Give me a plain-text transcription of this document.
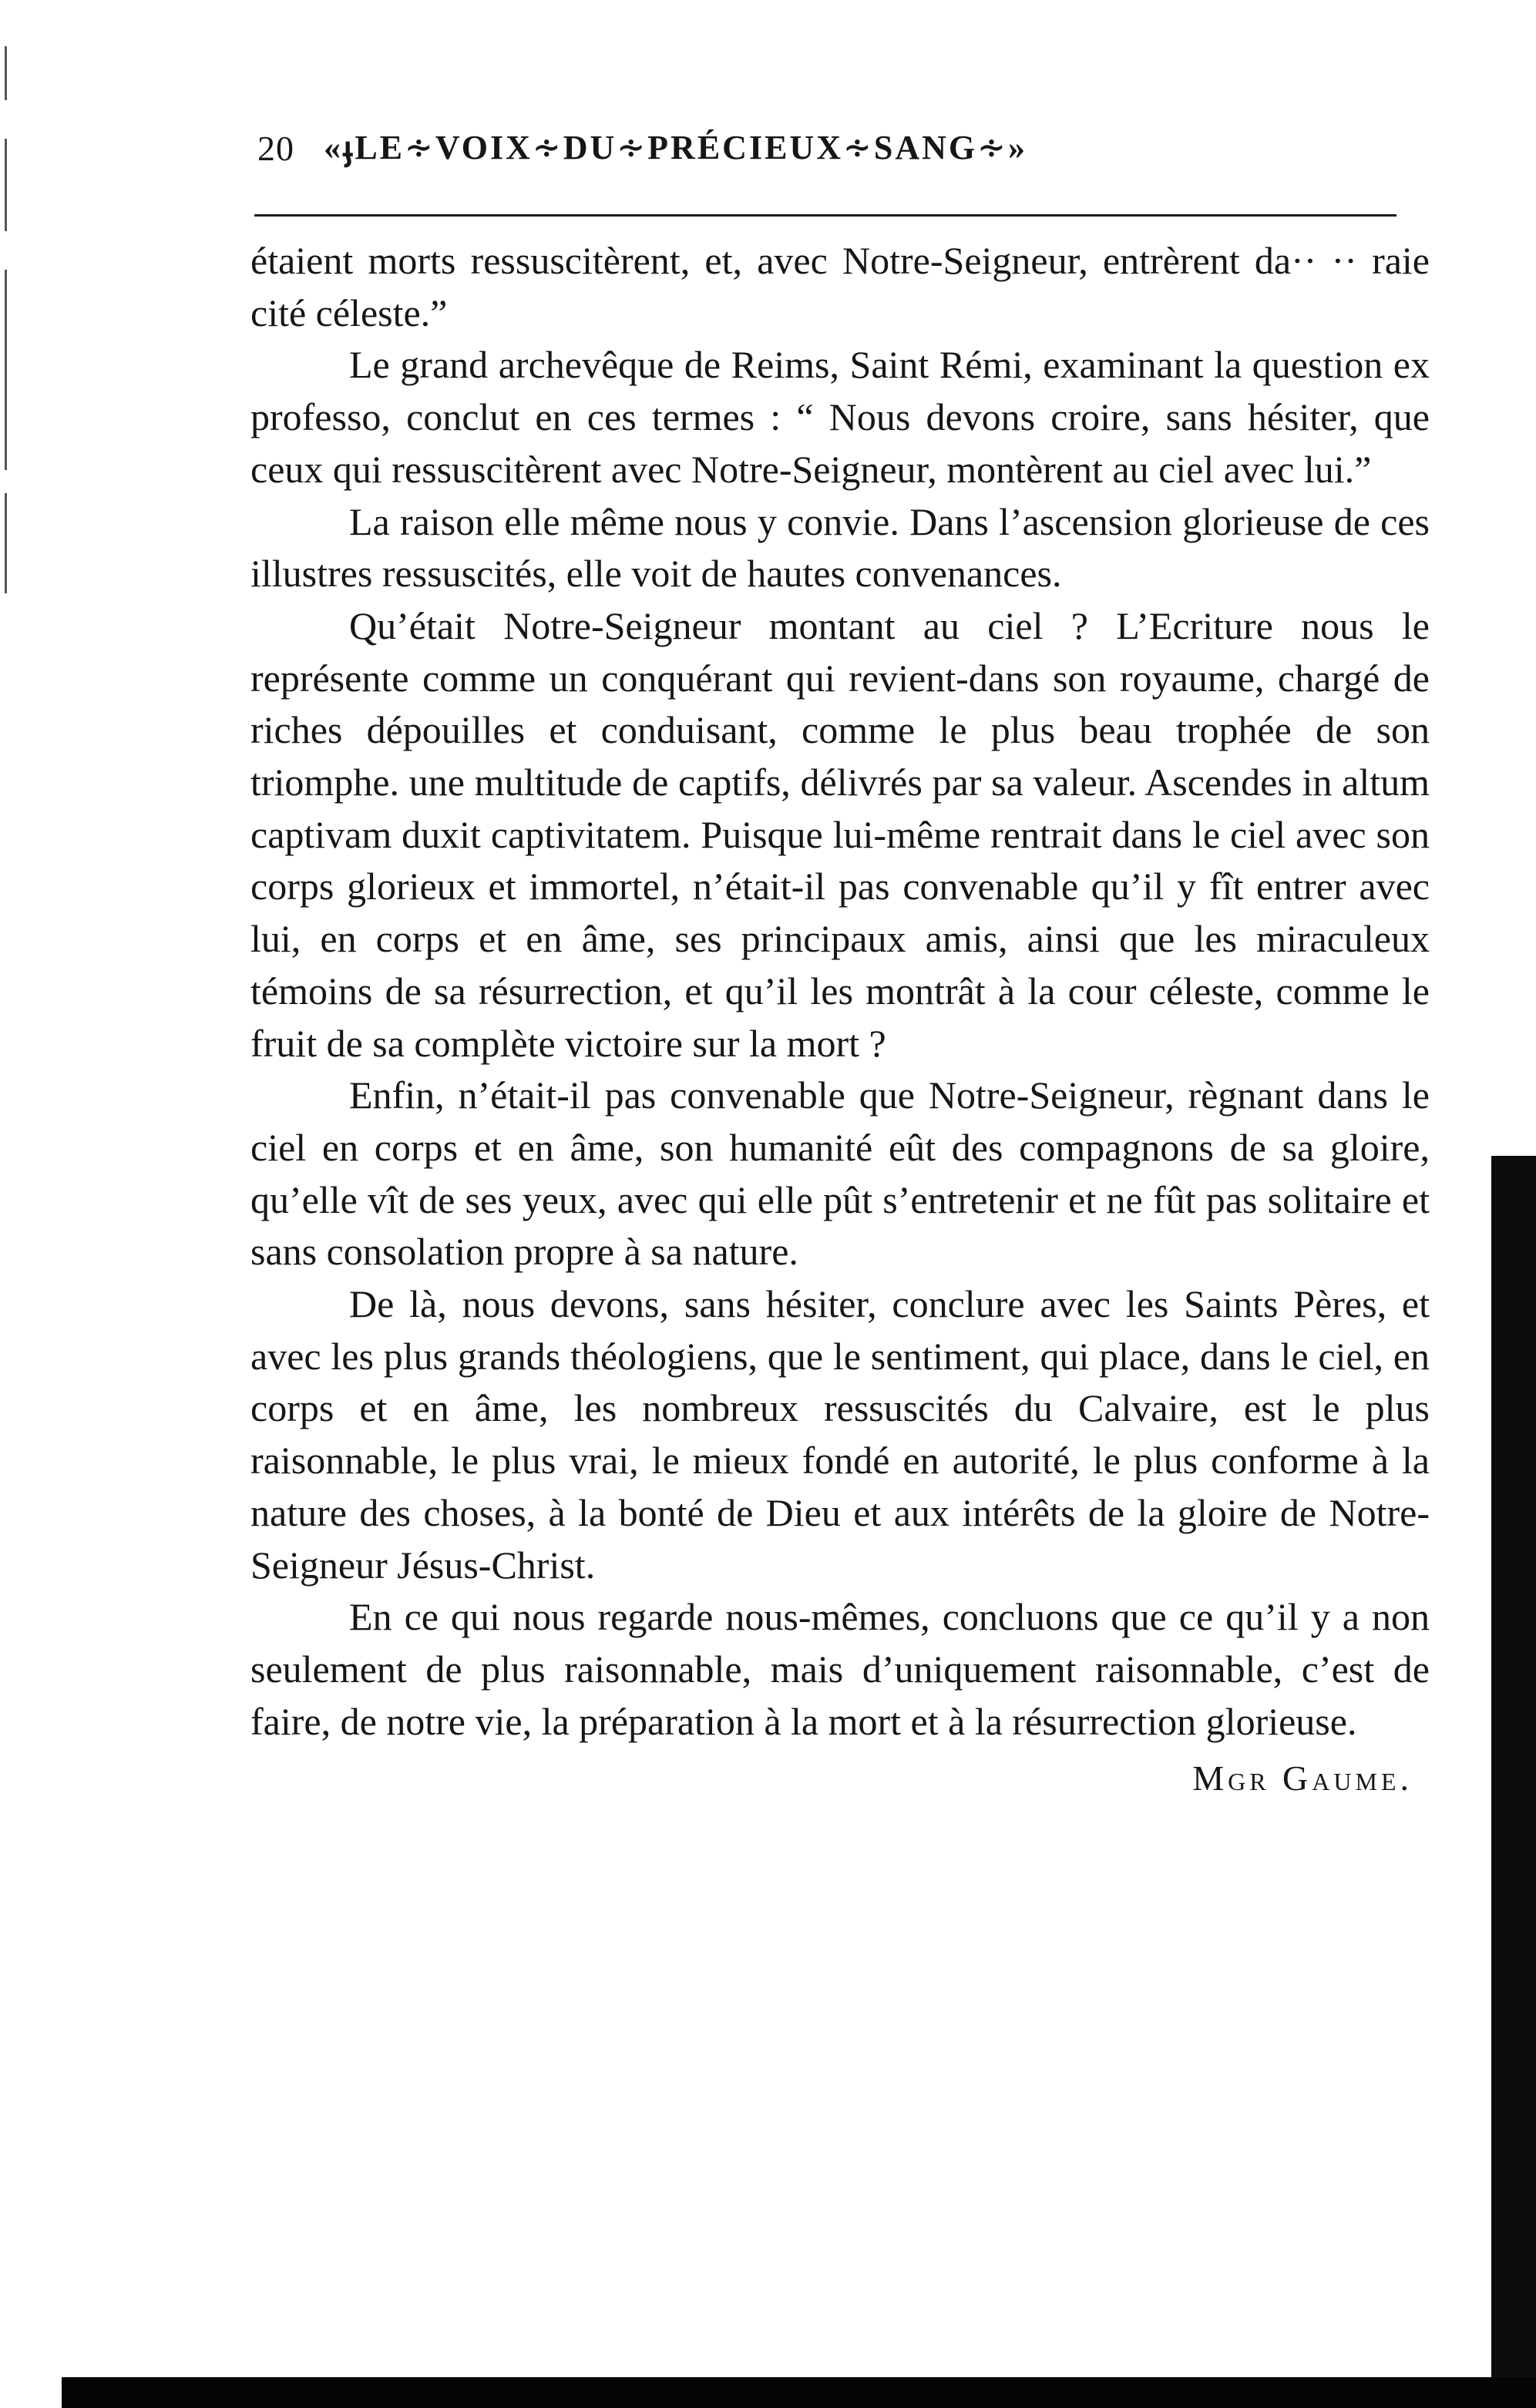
20 «ֈLE∻VOIX∻DU∻PRÉCIEUX∻SANG∻»

étaient morts ressuscitèrent, et, avec Notre-Seigneur, entrèrent da·· ·· raie cité céleste.”

Le grand archevêque de Reims, Saint Rémi, examinant la question ex professo, conclut en ces termes : “ Nous devons croire, sans hésiter, que ceux qui ressuscitèrent avec Notre-Seigneur, montèrent au ciel avec lui.”

La raison elle même nous y convie. Dans l’ascension glorieuse de ces illustres ressuscités, elle voit de hautes convenances.

Qu’était Notre-Seigneur montant au ciel ? L’Ecriture nous le représente comme un conquérant qui revient-dans son royaume, chargé de riches dépouilles et conduisant, comme le plus beau trophée de son triomphe. une multitude de captifs, délivrés par sa valeur. Ascendes in altum captivam duxit captivitatem. Puisque lui-même rentrait dans le ciel avec son corps glorieux et immortel, n’était-il pas convenable qu’il y fît entrer avec lui, en corps et en âme, ses principaux amis, ainsi que les miraculeux témoins de sa résurrection, et qu’il les montrât à la cour céleste, comme le fruit de sa complète victoire sur la mort ?

Enfin, n’était-il pas convenable que Notre-Seigneur, règnant dans le ciel en corps et en âme, son humanité eût des compagnons de sa gloire, qu’elle vît de ses yeux, avec qui elle pût s’entretenir et ne fût pas solitaire et sans consolation propre à sa nature.

De là, nous devons, sans hésiter, conclure avec les Saints Pères, et avec les plus grands théologiens, que le sentiment, qui place, dans le ciel, en corps et en âme, les nombreux ressuscités du Calvaire, est le plus raisonnable, le plus vrai, le mieux fondé en autorité, le plus conforme à la nature des choses, à la bonté de Dieu et aux intérêts de la gloire de Notre-Seigneur Jésus-Christ.

En ce qui nous regarde nous-mêmes, concluons que ce qu’il y a non seulement de plus raisonnable, mais d’uniquement raisonnable, c’est de faire, de notre vie, la préparation à la mort et à la résurrection glorieuse.

Mgr Gaume.
